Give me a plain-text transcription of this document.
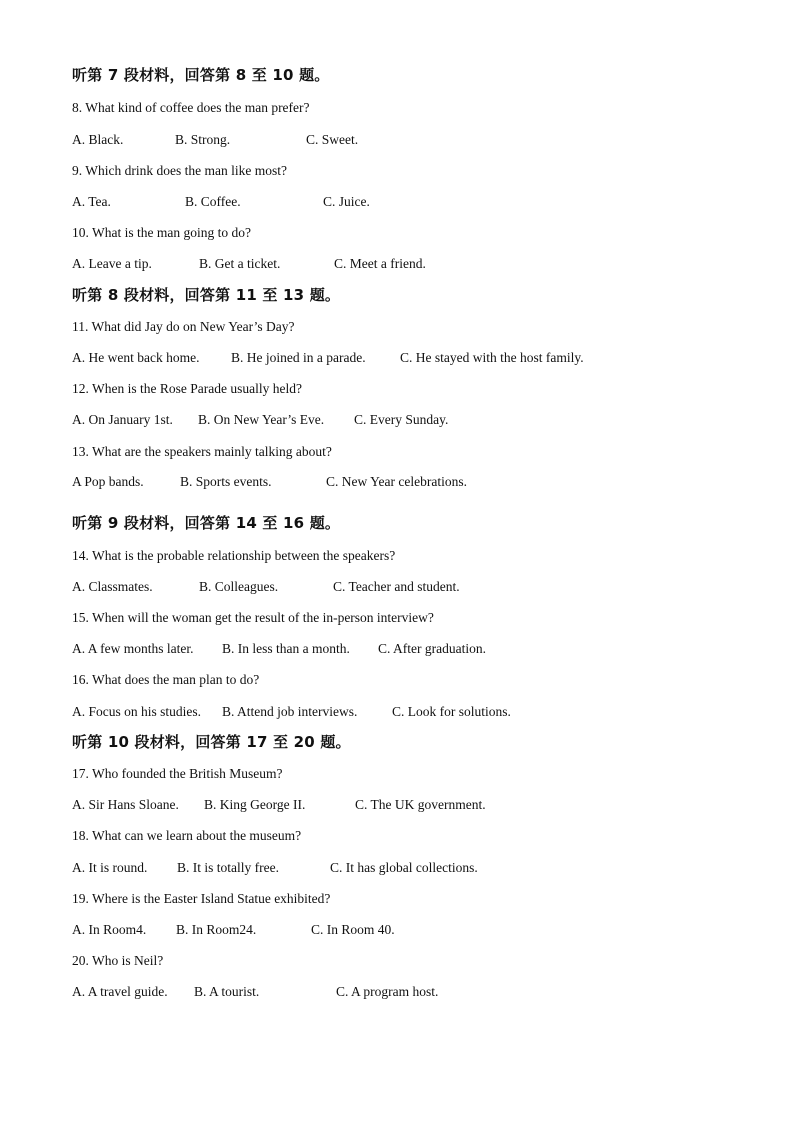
听第 7 段材料，回答第 8 至 10 题。
8. What kind of coffee does the man prefer?
A. Black.	B. Strong.	C. Sweet.
9. Which drink does the man like most?
A. Tea.	B. Coffee.	C. Juice.
10. What is the man going to do?
A. Leave a tip.	B. Get a ticket.	C. Meet a friend.
听第 8 段材料，回答第 11 至 13 题。
11. What did Jay do on New Year’s Day?
A. He went back home. B. He joined in a parade.	C. He stayed with the host family.
12. When is the Rose Parade usually held?
A. On January 1st. B. On New Year’s Eve. C. Every Sunday.
13. What are the speakers mainly talking about?
A Pop bands.	B. Sports events.	C. New Year celebrations.
听第 9 段材料，回答第 14 至 16 题。
14. What is the probable relationship between the speakers?
A. Classmates.	B. Colleagues.	C. Teacher and student.
15. When will the woman get the result of the in-person interview?
A. A few months later. B. In less than a month. C. After graduation.
16. What does the man plan to do?
A. Focus on his studies. B. Attend job interviews.	C. Look for solutions.
听第 10 段材料，回答第 17 至 20 题。
17. Who founded the British Museum?
A. Sir Hans Sloane. B. King George II.	C. The UK government.
18. What can we learn about the museum?
A. It is round. B. It is totally free.	C. It has global collections.
19. Where is the Easter Island Statue exhibited?
A. In Room4. B. In Room24.	C. In Room 40.
20. Who is Neil?
A. A travel guide. B. A tourist.	C. A program host.
